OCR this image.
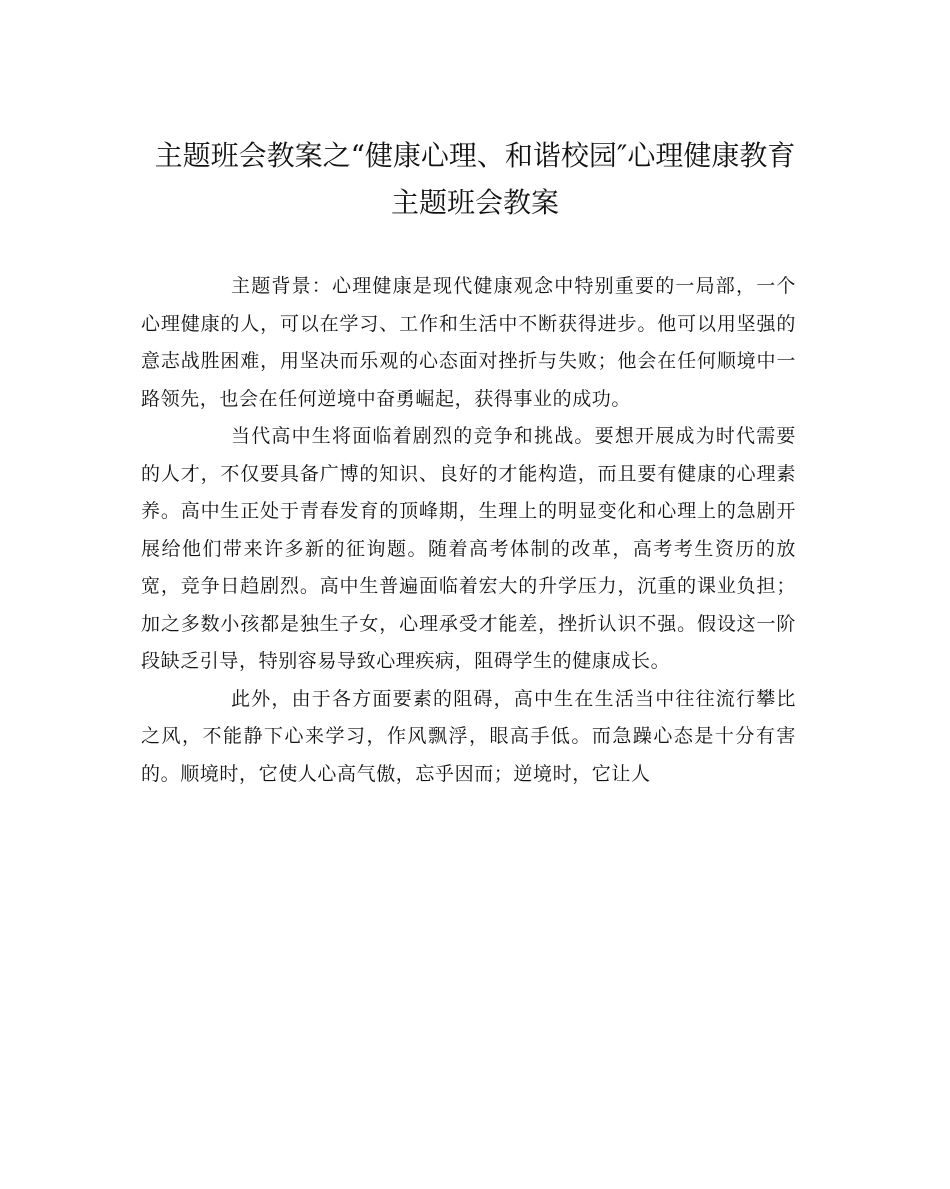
主题班会教案之“健康心理、和谐校园″心理健康教育
主题班会教案

主题背景：心理健康是现代健康观念中特别重要的一局部，一个心理健康的人，可以在学习、工作和生活中不断获得进步。他可以用坚强的意志战胜困难，用坚决而乐观的心态面对挫折与失败；他会在任何顺境中一路领先，也会在任何逆境中奋勇崛起，获得事业的成功。

当代高中生将面临着剧烈的竞争和挑战。要想开展成为时代需要的人才，不仅要具备广博的知识、良好的才能构造，而且要有健康的心理素养。高中生正处于青春发育的顶峰期，生理上的明显变化和心理上的急剧开展给他们带来许多新的征询题。随着高考体制的改革，高考考生资历的放宽，竞争日趋剧烈。高中生普遍面临着宏大的升学压力，沉重的课业负担；加之多数小孩都是独生子女，心理承受才能差，挫折认识不强。假设这一阶段缺乏引导，特别容易导致心理疾病，阻碍学生的健康成长。

此外，由于各方面要素的阻碍，高中生在生活当中往往流行攀比之风，不能静下心来学习，作风飘浮，眼高手低。而急躁心态是十分有害的。顺境时，它使人心高气傲，忘乎因而；逆境时，它让人
